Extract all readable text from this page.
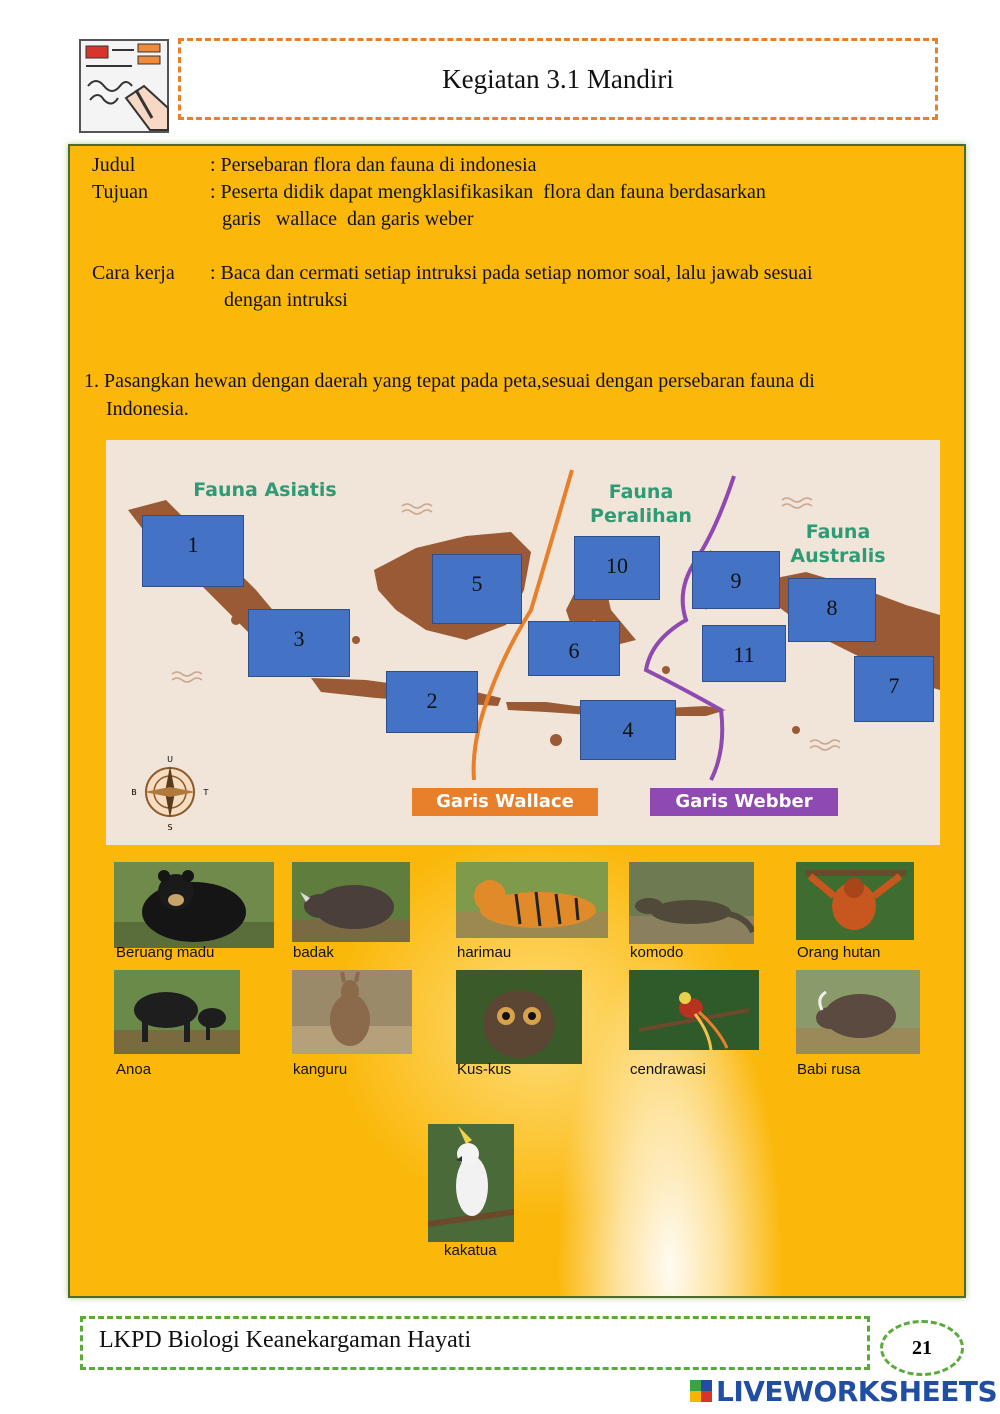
Kegiatan 3.1 Mandiri
Judul	: Persebaran flora dan fauna di indonesia
Tujuan	: Peserta didik dapat mengklasifikasikan  flora dan fauna berdasarkan
garis   wallace  dan garis weber
Cara kerja : Baca dan cermati setiap intruksi pada setiap nomor soal, lalu jawab sesuai
dengan intruksi
1. Pasangkan hewan dengan daerah yang tepat pada peta,sesuai dengan persebaran fauna di
Indonesia.
U
S
B	T
Fauna Asiatis	Fauna
Peralihan
Fauna
Australis
Garis Wallace	Garis Webber
1
2
3
4
5
6
7
8
9
10
11
Beruang madu	badak	harimau	komodo	Orang hutan
Anoa	kanguru	Kus-kus	cendrawasi	Babi rusa
kakatua
LKPD Biologi Keanekargaman Hayati	21
LIVEWORKSHEETS
